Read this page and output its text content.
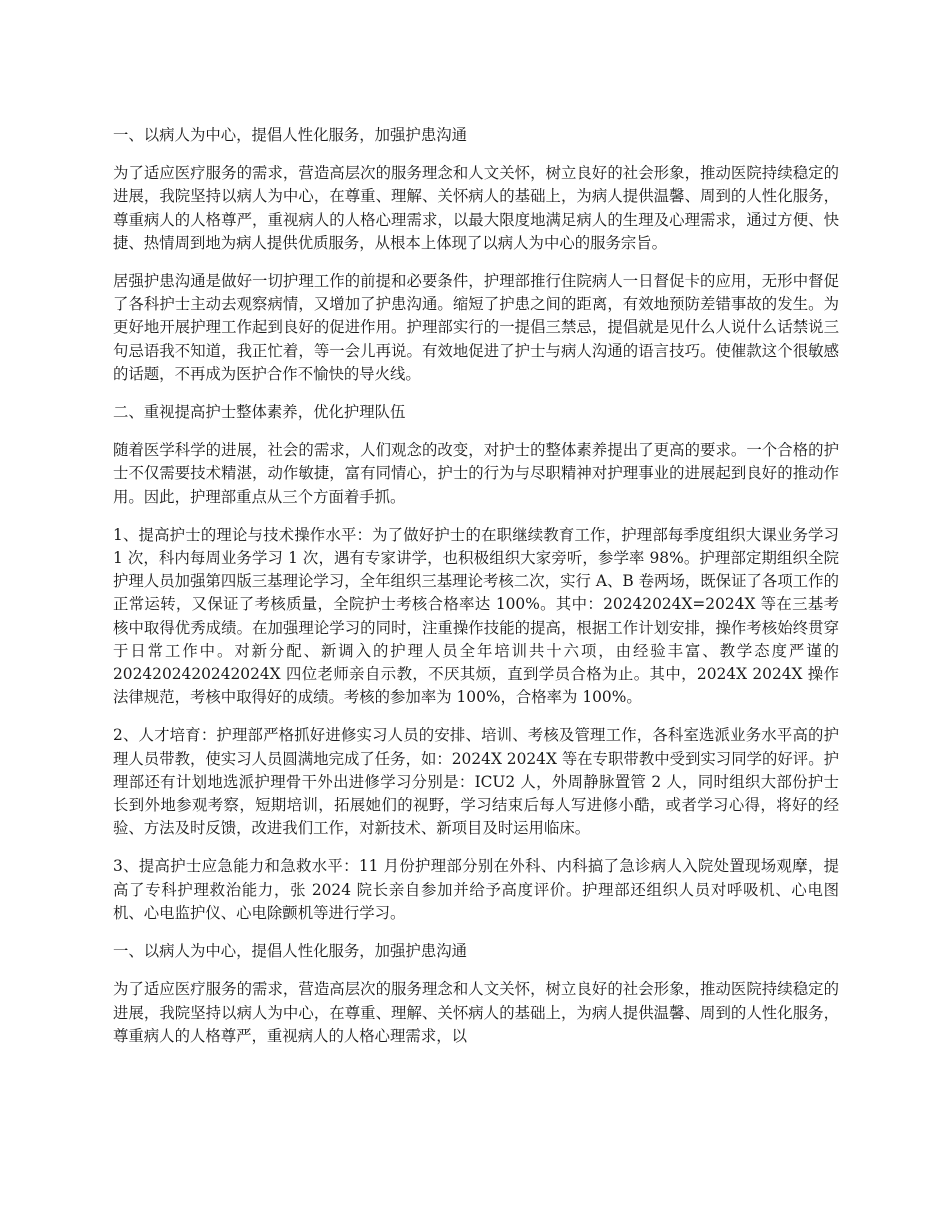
一、以病人为中心，提倡人性化服务，加强护患沟通

为了适应医疗服务的需求，营造高层次的服务理念和人文关怀，树立良好的社会形象，推动医院持续稳定的进展，我院坚持以病人为中心，在尊重、理解、关怀病人的基础上，为病人提供温馨、周到的人性化服务，尊重病人的人格尊严，重视病人的人格心理需求，以最大限度地满足病人的生理及心理需求，通过方便、快捷、热情周到地为病人提供优质服务，从根本上体现了以病人为中心的服务宗旨。

居强护患沟通是做好一切护理工作的前提和必要条件，护理部推行住院病人一日督促卡的应用，无形中督促了各科护士主动去观察病情，又增加了护患沟通。缩短了护患之间的距离，有效地预防差错事故的发生。为更好地开展护理工作起到良好的促进作用。护理部实行的一提倡三禁忌，提倡就是见什么人说什么话禁说三句忌语我不知道，我正忙着，等一会儿再说。有效地促进了护士与病人沟通的语言技巧。使催款这个很敏感的话题，不再成为医护合作不愉快的导火线。

二、重视提高护士整体素养，优化护理队伍

随着医学科学的进展，社会的需求，人们观念的改变，对护士的整体素养提出了更高的要求。一个合格的护士不仅需要技术精湛，动作敏捷，富有同情心，护士的行为与尽职精神对护理事业的进展起到良好的推动作用。因此，护理部重点从三个方面着手抓。

1、提高护士的理论与技术操作水平：为了做好护士的在职继续教育工作，护理部每季度组织大课业务学习 1 次，科内每周业务学习 1 次，遇有专家讲学，也积极组织大家旁听，参学率 98%。护理部定期组织全院护理人员加强第四版三基理论学习，全年组织三基理论考核二次，实行 A、B 卷两场，既保证了各项工作的正常运转，又保证了考核质量，全院护士考核合格率达 100%。其中：20242024X=2024X 等在三基考核中取得优秀成绩。在加强理论学习的同时，注重操作技能的提高，根据工作计划安排，操作考核始终贯穿于日常工作中。对新分配、新调入的护理人员全年培训共十六项，由经验丰富、教学态度严谨的 2024202420242024X 四位老师亲自示教，不厌其烦，直到学员合格为止。其中，2024X 2024X 操作法律规范，考核中取得好的成绩。考核的参加率为 100%，合格率为 100%。

2、人才培育：护理部严格抓好进修实习人员的安排、培训、考核及管理工作，各科室选派业务水平高的护理人员带教，使实习人员圆满地完成了任务，如：2024X 2024X 等在专职带教中受到实习同学的好评。护理部还有计划地选派护理骨干外出进修学习分别是：ICU2 人，外周静脉置管 2 人，同时组织大部份护士长到外地参观考察，短期培训，拓展她们的视野，学习结束后每人写进修小酷，或者学习心得，将好的经验、方法及时反馈，改进我们工作，对新技术、新项目及时运用临床。

3、提高护士应急能力和急救水平：11 月份护理部分别在外科、内科搞了急诊病人入院处置现场观摩，提高了专科护理救治能力，张 2024 院长亲自参加并给予高度评价。护理部还组织人员对呼吸机、心电图机、心电监护仪、心电除颤机等进行学习。

一、以病人为中心，提倡人性化服务，加强护患沟通

为了适应医疗服务的需求，营造高层次的服务理念和人文关怀，树立良好的社会形象，推动医院持续稳定的进展，我院坚持以病人为中心，在尊重、理解、关怀病人的基础上，为病人提供温馨、周到的人性化服务，尊重病人的人格尊严，重视病人的人格心理需求，以
